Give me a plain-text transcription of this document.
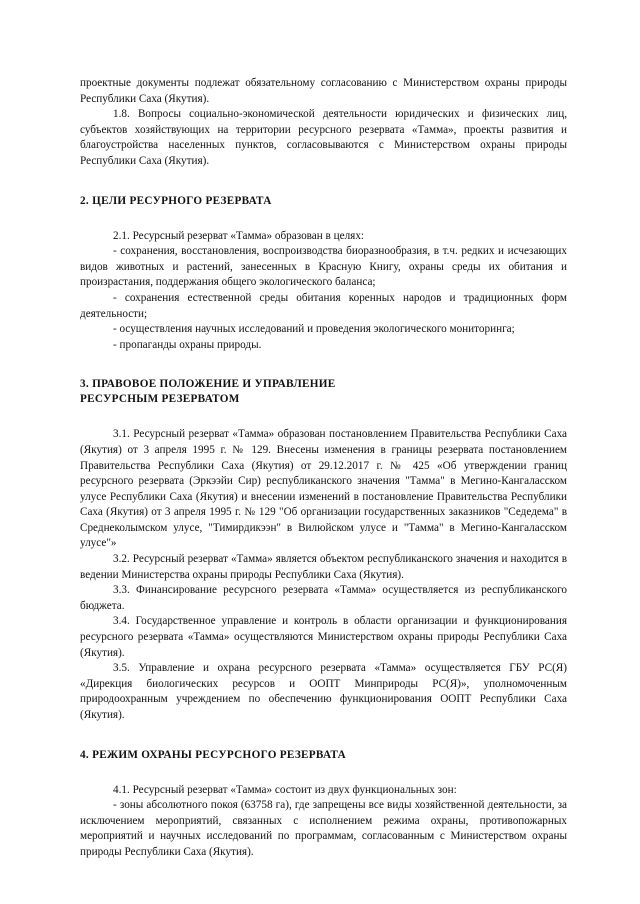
проектные документы подлежат обязательному согласованию с Министерством охраны природы Республики Саха (Якутия).

1.8. Вопросы социально-экономической деятельности юридических и физических лиц, субъектов хозяйствующих на территории ресурсного резервата «Тамма», проекты развития и благоустройства населенных пунктов, согласовываются с Министерством охраны природы Республики Саха (Якутия).

2. ЦЕЛИ РЕСУРНОГО РЕЗЕРВАТА

2.1. Ресурсный резерват «Тамма» образован в целях:

- сохранения, восстановления, воспроизводства биоразнообразия, в т.ч. редких и исчезающих видов животных и растений, занесенных в Красную Книгу, охраны среды их обитания и произрастания, поддержания общего экологического баланса;

- сохранения естественной среды обитания коренных народов и традиционных форм деятельности;

- осуществления научных исследований и проведения экологического мониторинга;

- пропаганды охраны природы.

3. ПРАВОВОЕ ПОЛОЖЕНИЕ И УПРАВЛЕНИЕ

РЕСУРСНЫМ РЕЗЕРВАТОМ

3.1. Ресурсный резерват «Тамма» образован постановлением Правительства Республики Саха (Якутия) от 3 апреля 1995 г. № 129. Внесены изменения в границы резервата постановлением Правительства Республики Саха (Якутия) от 29.12.2017 г. № 425 «Об утверждении границ ресурсного резервата (Эркээйи Сир) республиканского значения "Тамма" в Мегино-Кангаласском улусе Республики Саха (Якутия) и внесении изменений в постановление Правительства Республики Саха (Якутия) от 3 апреля 1995 г. № 129 "Об организации государственных заказников "Седедема" в Среднеколымском улусе, "Тимирдикээн" в Вилюйском улусе и "Тамма" в Мегино-Кангаласском улусе"»

3.2. Ресурсный резерват «Тамма» является объектом республиканского значения и находится в ведении Министерства охраны природы Республики Саха (Якутия).

3.3. Финансирование ресурсного резервата «Тамма» осуществляется из республиканского бюджета.

3.4. Государственное управление и контроль в области организации и функционирования ресурсного резервата «Тамма» осуществляются Министерством охраны природы Республики Саха (Якутия).

3.5. Управление и охрана ресурсного резервата «Тамма» осуществляется ГБУ РС(Я) «Дирекция биологических ресурсов и ООПТ Минприроды РС(Я)», уполномоченным природоохранным учреждением по обеспечению функционирования ООПТ Республики Саха (Якутия).

4. РЕЖИМ ОХРАНЫ РЕСУРСНОГО РЕЗЕРВАТА

4.1. Ресурсный резерват «Тамма» состоит из двух функциональных зон:

- зоны абсолютного покоя (63758 га), где запрещены все виды хозяйственной деятельности, за исключением мероприятий, связанных с исполнением режима охраны, противопожарных мероприятий и научных исследований по программам, согласованным с Министерством охраны природы Республики Саха (Якутия).
